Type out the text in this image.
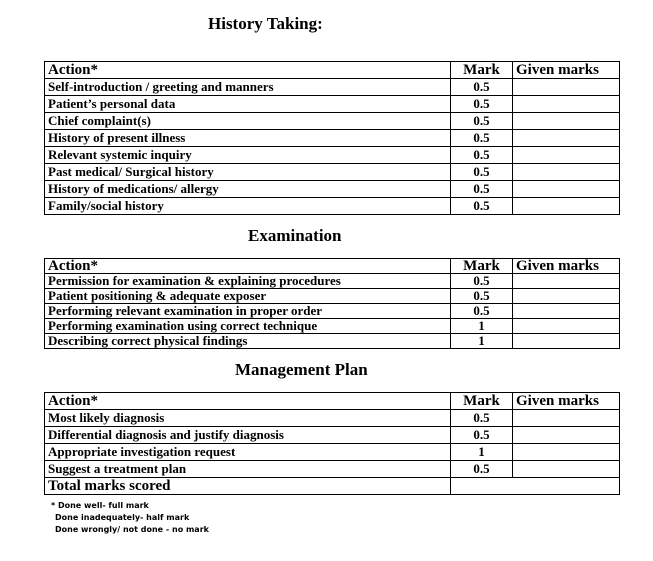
History Taking:
Action*	Mark	Given marks
Self-introduction / greeting and manners	0.5	
Patient’s personal data	0.5	
Chief complaint(s)	0.5	
History of present illness	0.5	
Relevant systemic inquiry	0.5	
Past medical/ Surgical history	0.5	
History of medications/ allergy	0.5	
Family/social history	0.5	
Examination
Action*	Mark	Given marks
Permission for examination & explaining procedures	0.5	
Patient positioning & adequate exposer	0.5	
Performing relevant examination in proper order	0.5	
Performing examination using correct technique	1	
Describing correct physical findings	1	
Management Plan
Action*	Mark	Given marks
Most likely diagnosis	0.5	
Differential diagnosis and justify diagnosis	0.5	
Appropriate investigation request	1	
Suggest a treatment plan	0.5	
Total marks scored		
* Done well- full mark
Done inadequately- half mark
Done wrongly/ not done - no mark
